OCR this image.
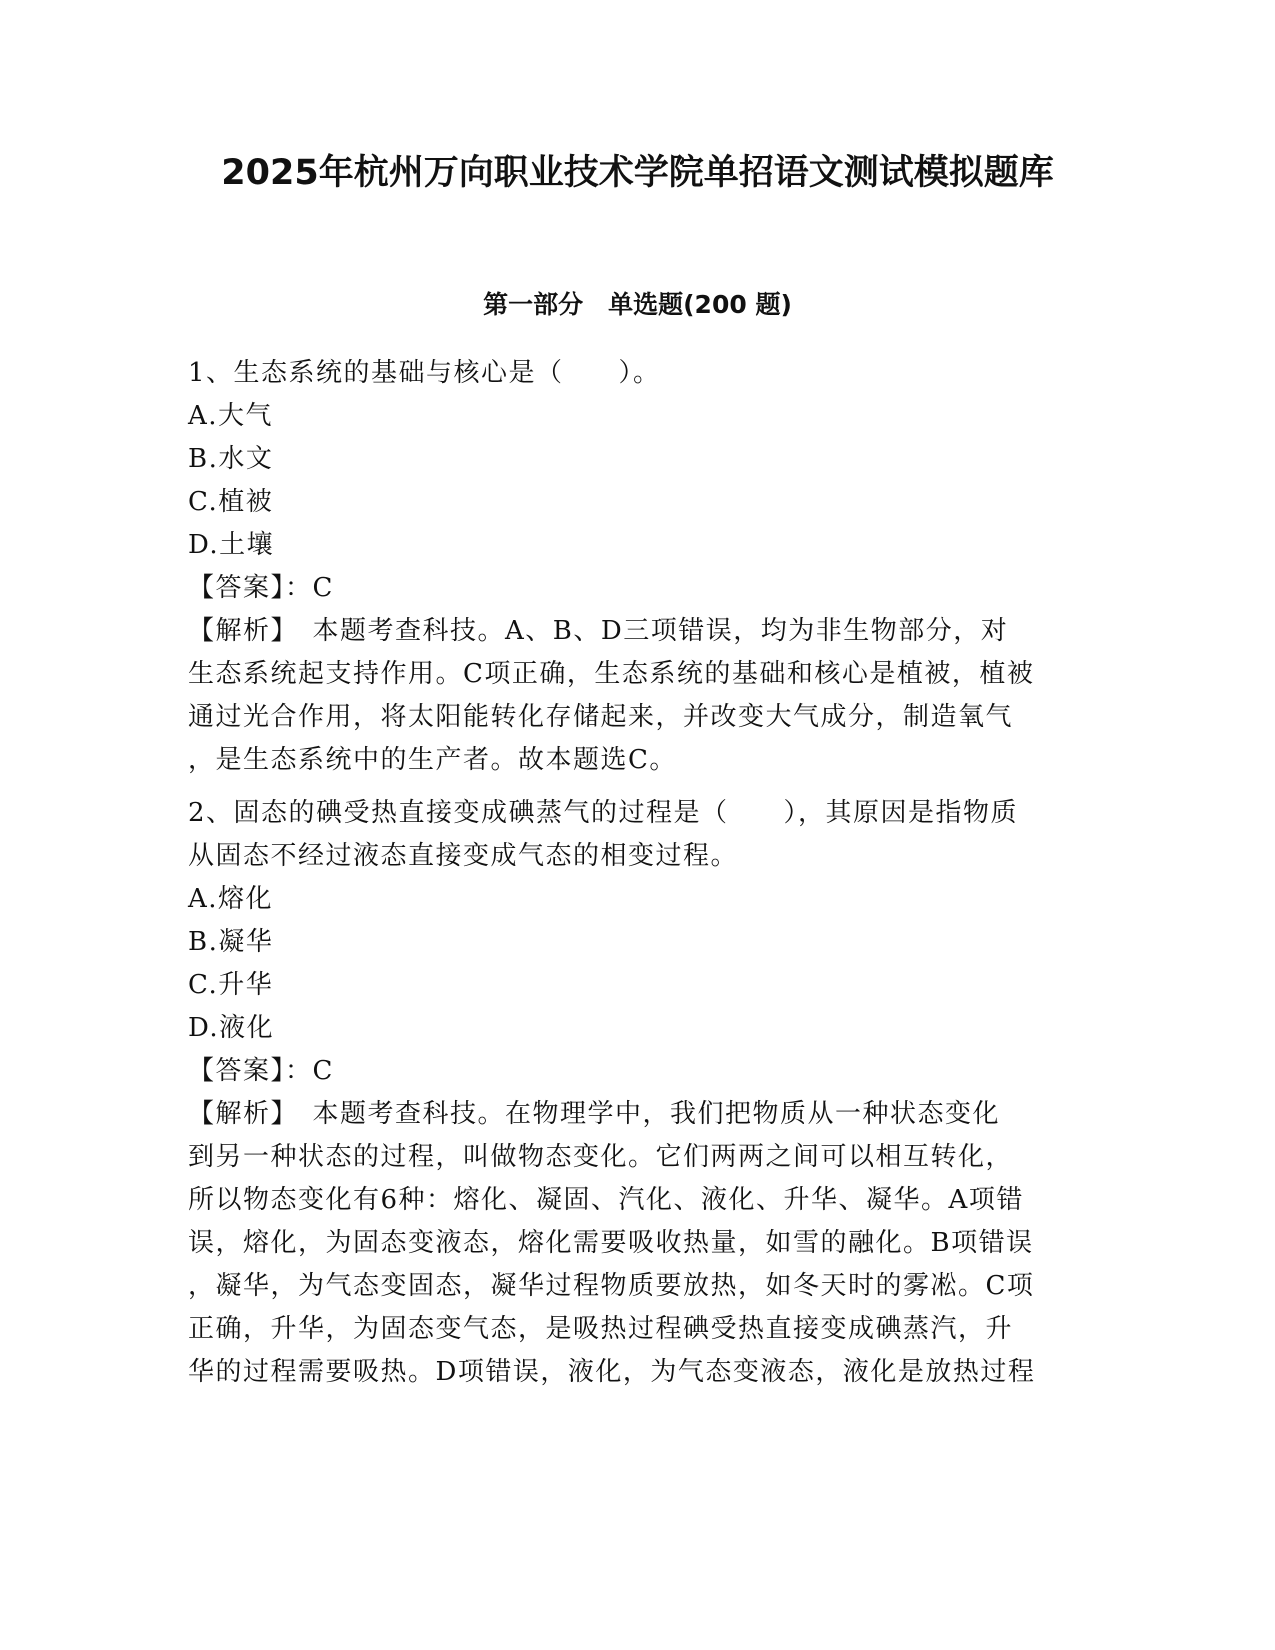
2025年杭州万向职业技术学院单招语文测试模拟题库
第一部分　单选题(200 题)
1、生态系统的基础与核心是（　　）。
A.大气
B.水文
C.植被
D.土壤
【答案】：C
【解析】　本题考查科技。A、B、D三项错误，均为非生物部分，对
生态系统起支持作用。C项正确，生态系统的基础和核心是植被，植被
通过光合作用，将太阳能转化存储起来，并改变大气成分，制造氧气
，是生态系统中的生产者。故本题选C。
2、固态的碘受热直接变成碘蒸气的过程是（　　），其原因是指物质
从固态不经过液态直接变成气态的相变过程。
A.熔化
B.凝华
C.升华
D.液化
【答案】：C
【解析】　本题考查科技。在物理学中，我们把物质从一种状态变化
到另一种状态的过程，叫做物态变化。它们两两之间可以相互转化，
所以物态变化有6种：熔化、凝固、汽化、液化、升华、凝华。A项错
误，熔化，为固态变液态，熔化需要吸收热量，如雪的融化。B项错误
，凝华，为气态变固态，凝华过程物质要放热，如冬天时的雾凇。C项
正确，升华，为固态变气态，是吸热过程碘受热直接变成碘蒸汽，升
华的过程需要吸热。D项错误，液化，为气态变液态，液化是放热过程
